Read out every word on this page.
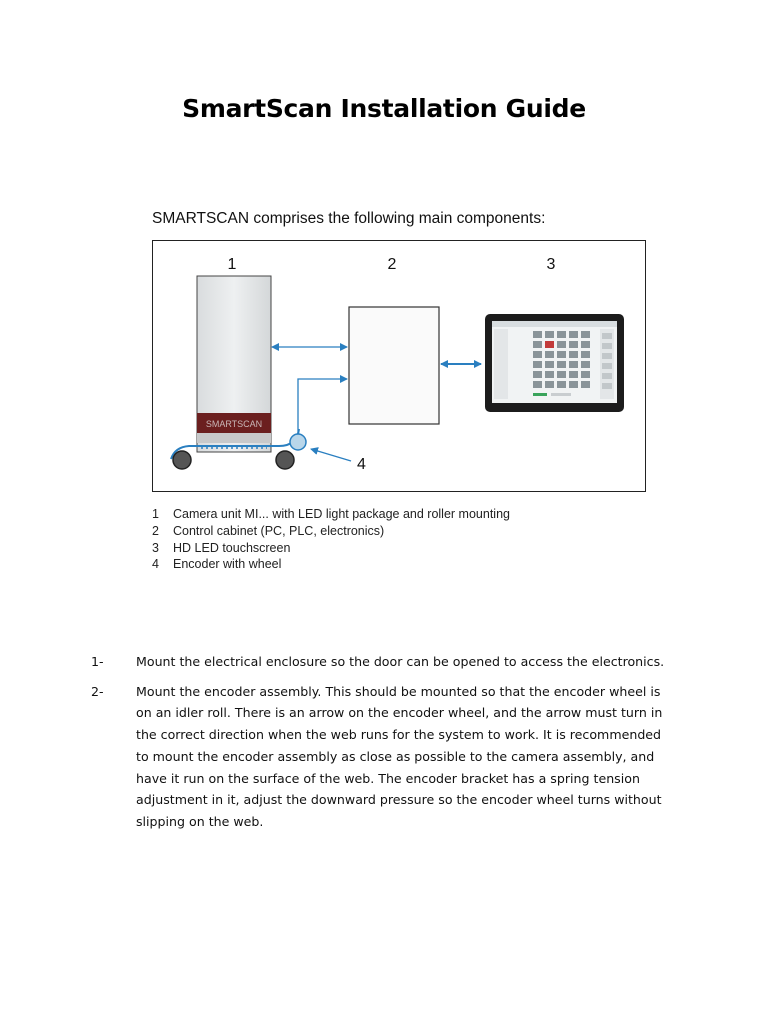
SmartScan Installation Guide
SMARTSCAN comprises the following main components:
1	2	3
SMARTSCAN
4
1	Camera unit MI... with LED light package and roller mounting
2	Control cabinet (PC, PLC, electronics)
3	HD LED touchscreen
4	Encoder with wheel
1-	Mount the electrical enclosure so the door can be opened to access the electronics.
2-	Mount the encoder assembly. This should be mounted so that the encoder wheel is on an idler roll. There is an arrow on the encoder wheel, and the arrow must turn in the correct direction when the web runs for the system to work. It is recommended to mount the encoder assembly as close as possible to the camera assembly, and have it run on the surface of the web. The encoder bracket has a spring tension adjustment in it, adjust the downward pressure so the encoder wheel turns without slipping on the web.
